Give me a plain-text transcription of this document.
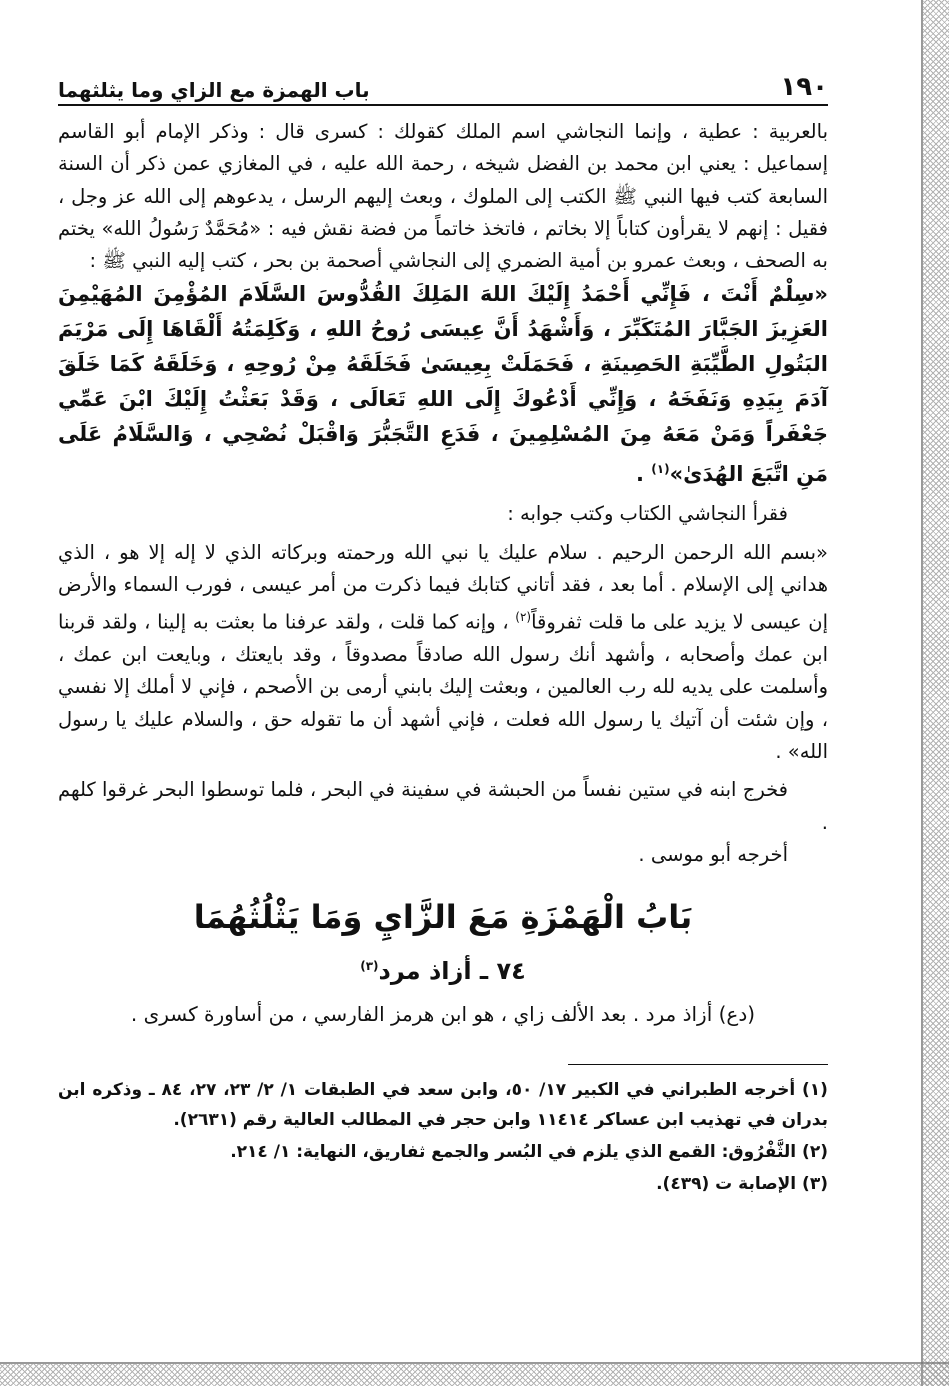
١٩٠
باب الهمزة مع الزاي وما يثلثهما

بالعربية : عطية ، وإنما النجاشي اسم الملك كقولك : كسرى قال : وذكر الإمام أبو القاسم إسماعيل : يعني ابن محمد بن الفضل شيخه ، رحمة الله عليه ، في المغازي عمن ذكر أن السنة السابعة كتب فيها النبي ﷺ الكتب إلى الملوك ، وبعث إليهم الرسل ، يدعوهم إلى الله عز وجل ، فقيل : إنهم لا يقرأون كتاباً إلا بخاتم ، فاتخذ خاتماً من فضة نقش فيه : «مُحَمَّدٌ رَسُولُ الله» يختم به الصحف ، وبعث عمرو بن أمية الضمري إلى النجاشي أصحمة بن بحر ، كتب إليه النبي ﷺ :

«سِلْمٌ أَنْتَ ، فَإِنِّي أَحْمَدُ إِلَيْكَ اللهَ المَلِكَ القُدُّوسَ السَّلَامَ المُؤْمِنَ المُهَيْمِنَ العَزِيزَ الجَبَّارَ المُتَكَبِّرَ ، وَأَشْهَدُ أَنَّ عِيسَى رُوحُ اللهِ ، وَكَلِمَتُهُ أَلْقَاهَا إِلَى مَرْيَمَ البَتُولِ الطَّيِّبَةِ الحَصِينَةِ ، فَحَمَلَتْ بِعِيسَىٰ فَخَلَقَهُ مِنْ رُوحِهِ ، وَخَلَقَهُ كَمَا خَلَقَ آدَمَ بِيَدِهِ وَنَفَخَهُ ، وَإِنِّي أَدْعُوكَ إِلَى اللهِ تَعَالَى ، وَقَدْ بَعَثْتُ إِلَيْكَ ابْنَ عَمِّي جَعْفَراً وَمَنْ مَعَهُ مِنَ المُسْلِمِينَ ، فَدَعِ التَّجَبُّرَ وَاقْبَلْ نُصْحِي ، وَالسَّلَامُ عَلَى مَنِ اتَّبَعَ الهُدَىٰ»$^{(١)}$ .

فقرأ النجاشي الكتاب وكتب جوابه :

«بسم الله الرحمن الرحيم . سلام عليك يا نبي الله ورحمته وبركاته الذي لا إله إلا هو ، الذي هداني إلى الإسلام . أما بعد ، فقد أتاني كتابك فيما ذكرت من أمر عيسى ، فورب السماء والأرض إن عيسى لا يزيد على ما قلت ثفروقاً$^{(٢)}$ ، وإنه كما قلت ، ولقد عرفنا ما بعثت به إلينا ، ولقد قربنا ابن عمك وأصحابه ، وأشهد أنك رسول الله صادقاً مصدوقاً ، وقد بايعتك ، وبايعت ابن عمك ، وأسلمت على يديه لله رب العالمين ، وبعثت إليك بابني أرمى بن الأصحم ، فإني لا أملك إلا نفسي ، وإن شئت أن آتيك يا رسول الله فعلت ، فإني أشهد أن ما تقوله حق ، والسلام عليك يا رسول الله» .

فخرج ابنه في ستين نفساً من الحبشة في سفينة في البحر ، فلما توسطوا البحر غرقوا كلهم .

أخرجه أبو موسى .

بَابُ الْهَمْزَةِ مَعَ الزَّايِ وَمَا يَثْلُثُهُمَا
٧٤ ـ أزاذ مرد$^{(٣)}$
(دع) أزاذ مرد . بعد الألف زاي ، هو ابن هرمز الفارسي ، من أساورة كسرى .

(١) أخرجه الطبراني في الكبير ١٧/ ٥٠، وابن سعد في الطبقات ١/ ٢/ ٢٣، ٢٧، ٨٤ ـ وذكره ابن بدران في تهذيب ابن عساكر ١١٤١٤ وابن حجر في المطالب العالية رقم (٢٦٣١).

(٢) الثَّفْرُوق: القمع الذي يلزم في البُسر والجمع ثفاريق، النهاية: ١/ ٢١٤.

(٣) الإصابة ت (٤٣٩).
